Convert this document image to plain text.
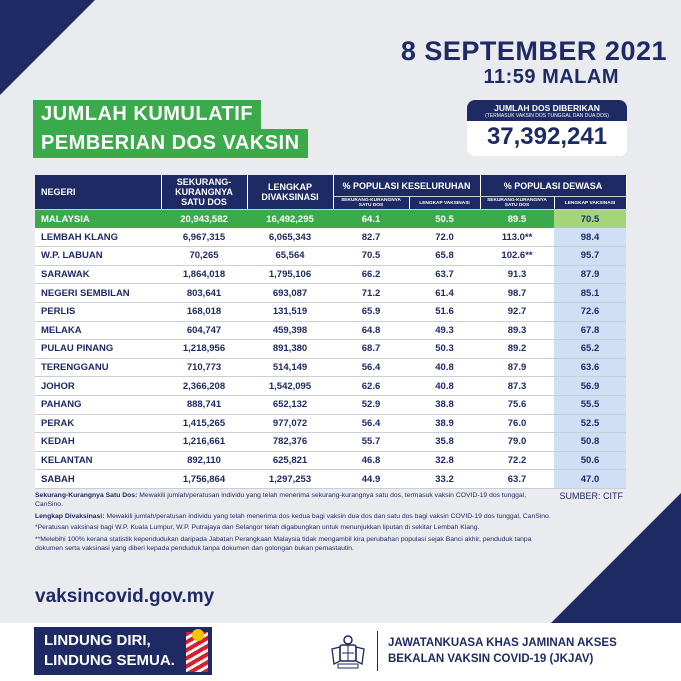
8 SEPTEMBER 2021
11:59 MALAM
JUMLAH KUMULATIF
PEMBERIAN DOS VAKSIN
JUMLAH DOS DIBERIKAN
(TERMASUK VAKSIN DOS TUNGGAL DAN DUA DOS)
37,392,241
NEGERI	SEKURANG-KURANGNYA SATU DOS	LENGKAP DIVAKSINASI	% POPULASI KESELURUHAN		% POPULASI DEWASA	
			SEKURANG-KURANGNYA SATU DOS	LENGKAP VAKSINASI	SEKURANG-KURANGNYA SATU DOS	LENGKAP VAKSINASI
MALAYSIA	20,943,582	16,492,295	64.1	50.5	89.5	70.5
LEMBAH KLANG	6,967,315	6,065,343	82.7	72.0	113.0**	98.4
W.P. LABUAN	70,265	65,564	70.5	65.8	102.6**	95.7
SARAWAK	1,864,018	1,795,106	66.2	63.7	91.3	87.9
NEGERI SEMBILAN	803,641	693,087	71.2	61.4	98.7	85.1
PERLIS	168,018	131,519	65.9	51.6	92.7	72.6
MELAKA	604,747	459,398	64.8	49.3	89.3	67.8
PULAU PINANG	1,218,956	891,380	68.7	50.3	89.2	65.2
TERENGGANU	710,773	514,149	56.4	40.8	87.9	63.6
JOHOR	2,366,208	1,542,095	62.6	40.8	87.3	56.9
PAHANG	888,741	652,132	52.9	38.8	75.6	55.5
PERAK	1,415,265	977,072	56.4	38.9	76.0	52.5
KEDAH	1,216,661	782,376	55.7	35.8	79.0	50.8
KELANTAN	892,110	625,821	46.8	32.8	72.2	50.6
SABAH	1,756,864	1,297,253	44.9	33.2	63.7	47.0
SUMBER: CITF

Sekurang-Kurangnya Satu Dos: Mewakili jumlah/peratusan individu yang telah menerima sekurang-kurangnya satu dos, termasuk vaksin COVID-19 dos tunggal, CanSino.

Lengkap Divaksinasi: Mewakili jumlah/peratusan individu yang telah menerima dos kedua bagi vaksin dua dos dan satu dos bagi vaksin COVID-19 dos tunggal, CanSino.

*Peratusan vaksinasi bagi W.P. Kuala Lumpur, W.P. Putrajaya dan Selangor telah digabungkan untuk menunjukkan liputan di sekitar Lembah Klang.

**Melebihi 100% kerana statistik kependudukan daripada Jabatan Perangkaan Malaysia tidak mengambil kira perubahan populasi sejak Banci akhir, penduduk tanpa dokumen serta vaksinasi yang diberi kepada penduduk tanpa dokumen dan golongan bukan pemastautin.

vaksincovid.gov.my
LINDUNG DIRI,
LINDUNG SEMUA.
JAWATANKUASA KHAS JAMINAN AKSES
BEKALAN VAKSIN COVID-19 (JKJAV)
